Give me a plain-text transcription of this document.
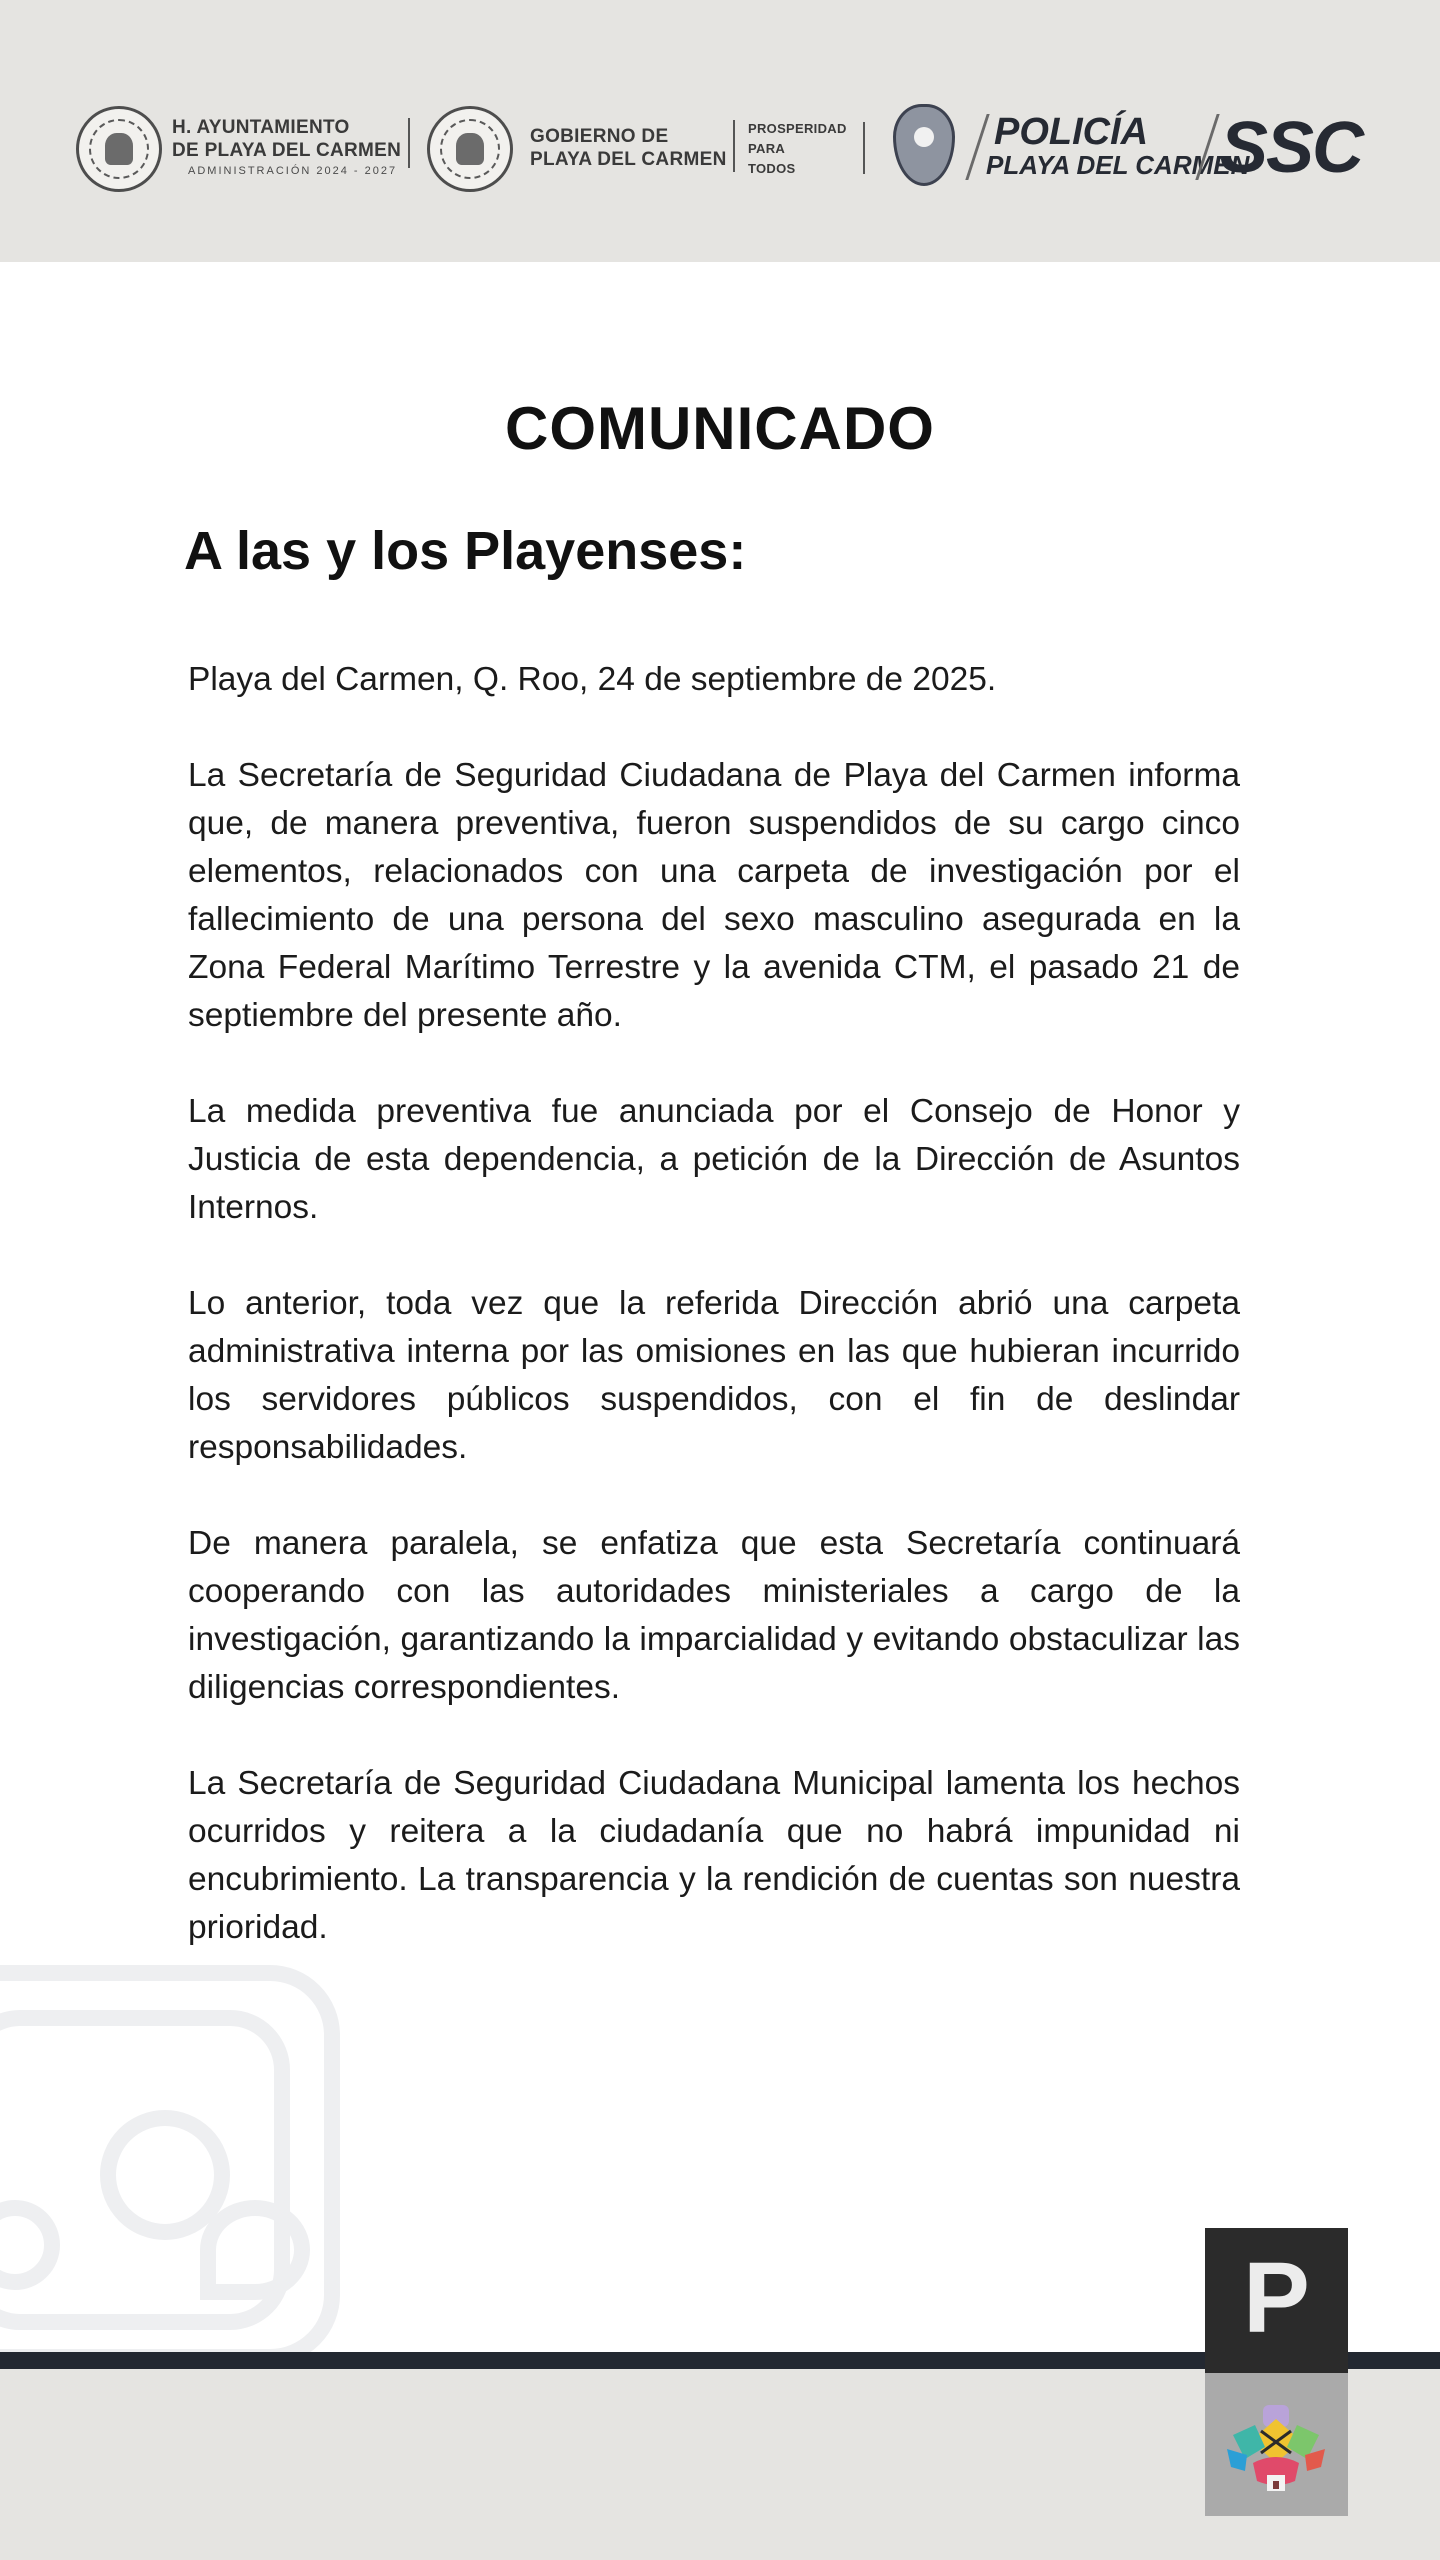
H. AYUNTAMIENTO
DE PLAYA DEL CARMEN
ADMINISTRACIÓN 2024 - 2027
GOBIERNO DE
PLAYA DEL CARMEN
PROSPERIDAD
PARA
TODOS
POLICÍA
PLAYA DEL CARMEN
SSC
COMUNICADO
A las y los Playenses:

Playa del Carmen, Q. Roo, 24 de septiembre de 2025.

La Secretaría de Seguridad Ciudadana de Playa del Carmen informa que, de manera preventiva, fueron suspendidos de su cargo cinco elementos, relacionados con una carpeta de investigación por el fallecimiento de una persona del sexo masculino asegurada en la Zona Federal Marítimo Terrestre y la avenida CTM, el pasado 21 de septiembre del presente año.

La medida preventiva fue anunciada por el Consejo de Honor y Justicia de esta dependencia, a petición de la Dirección de Asuntos Internos.

Lo anterior, toda vez que la referida Dirección abrió una carpeta administrativa interna por las omisiones en las que hubieran incurrido los servidores públicos suspendidos, con el fin de deslindar responsabilidades.

De manera paralela, se enfatiza que esta Secretaría continuará cooperando con las autoridades ministeriales a cargo de la investigación, garantizando la imparcialidad y evitando obstaculizar las diligencias correspondientes.

La Secretaría de Seguridad Ciudadana Municipal lamenta los hechos ocurridos y reitera a la ciudadanía que no habrá impunidad ni encubrimiento. La transparencia y la rendición de cuentas son nuestra prioridad.

P
